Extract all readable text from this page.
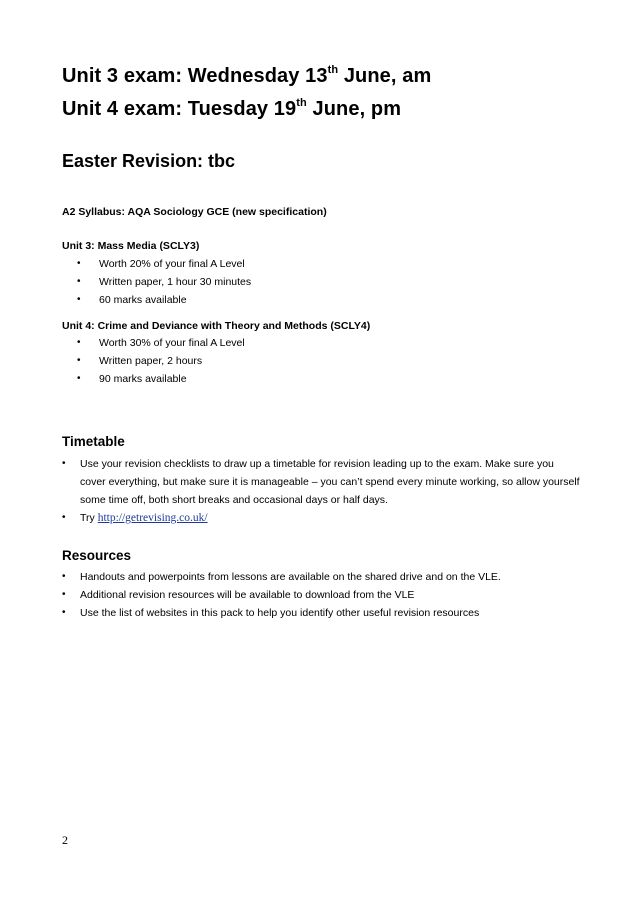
Unit 3 exam: Wednesday 13th June, am
Unit 4 exam: Tuesday 19th June, pm
Easter Revision: tbc
A2 Syllabus: AQA Sociology GCE (new specification)
Unit 3: Mass Media (SCLY3)
• Worth 20% of your final A Level
• Written paper, 1 hour 30 minutes
• 60 marks available
Unit 4: Crime and Deviance with Theory and Methods (SCLY4)
• Worth 30% of your final A Level
• Written paper, 2 hours
• 90 marks available
Timetable
• Use your revision checklists to draw up a timetable for revision leading up to the exam. Make sure you cover everything, but make sure it is manageable – you can’t spend every minute working, so allow yourself some time off, both short breaks and occasional days or half days.
• Try http://getrevising.co.uk/
Resources
• Handouts and powerpoints from lessons are available on the shared drive and on the VLE.
• Additional revision resources will be available to download from the VLE
• Use the list of websites in this pack to help you identify other useful revision resources
2
